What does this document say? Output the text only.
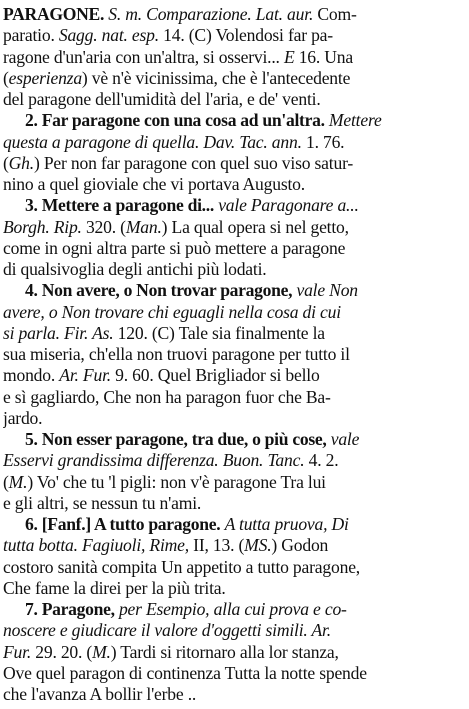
PARAGONE. S. m. Comparazione. Lat. aur. Com-
paratio. Sagg. nat. esp. 14. (C) Volendosi far pa-
ragone d'un'aria con un'altra, si osservi... E 16. Una
(esperienza) vè n'è vicinissima, che è l'antecedente
del paragone dell'umidità del l'aria, e de' venti.
2. Far paragone con una cosa ad un'altra. Mettere
questa a paragone di quella. Dav. Tac. ann. 1. 76.
(Gh.) Per non far paragone con quel suo viso satur-
nino a quel gioviale che vi portava Augusto.
3. Mettere a paragone di... vale Paragonare a...
Borgh. Rip. 320. (Man.) La qual opera si nel getto,
come in ogni altra parte si può mettere a paragone
di qualsivoglia degli antichi più lodati.
4. Non avere, o Non trovar paragone, vale Non
avere, o Non trovare chi eguagli nella cosa di cui
si parla. Fir. As. 120. (C) Tale sia finalmente la
sua miseria, ch'ella non truovi paragone per tutto il
mondo. Ar. Fur. 9. 60. Quel Brigliador si bello
e sì gagliardo, Che non ha paragon fuor che Ba-
jardo.
5. Non esser paragone, tra due, o più cose, vale
Esservi grandissima differenza. Buon. Tanc. 4. 2.
(M.) Vo' che tu 'l pigli: non v'è paragone Tra lui
e gli altri, se nessun tu n'ami.
6. [Fanf.] A tutto paragone. A tutta pruova, Di
tutta botta. Fagiuoli, Rime, II, 13. (MS.) Godon
costoro sanità compita Un appetito a tutto paragone,
Che fame la direi per la più trita.
7. Paragone, per Esempio, alla cui prova e co-
noscere e giudicare il valore d'oggetti simili. Ar.
Fur. 29. 20. (M.) Tardi si ritornaro alla lor stanza,
Ove quel paragon di continenza Tutta la notte spende
che l'avanza A bollir l'erbe ..
